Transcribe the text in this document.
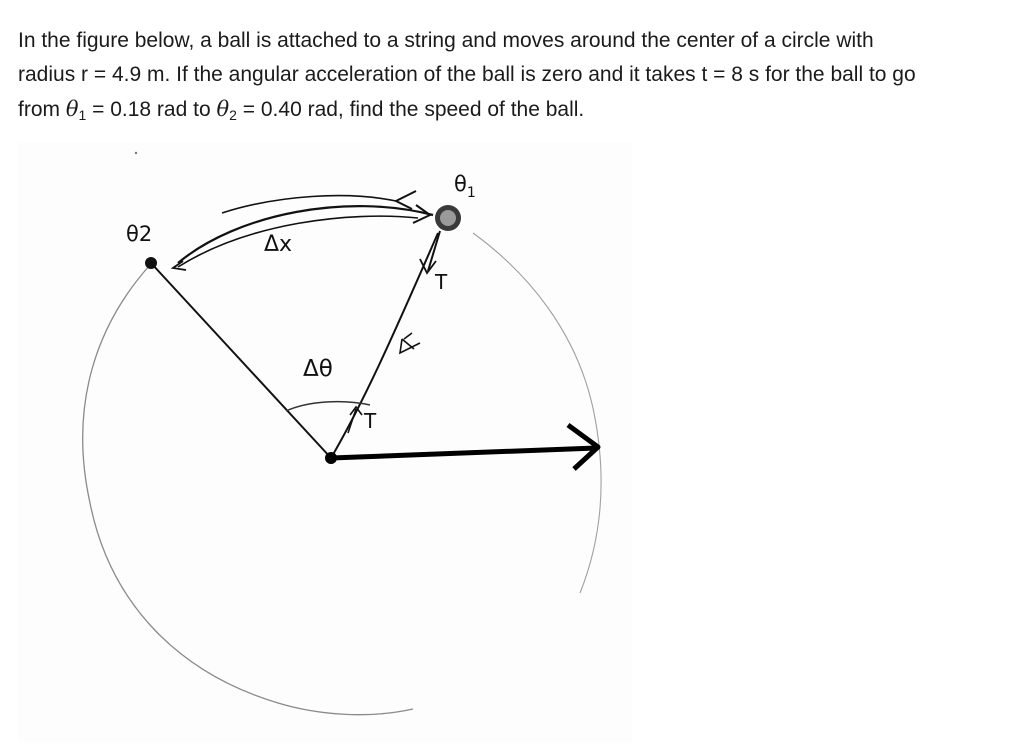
In the figure below, a ball is attached to a string and moves around the center of a circle with
radius r = 4.9 m. If the angular acceleration of the ball is zero and it takes t = 8 s for the ball to go
from $\theta_1 = 0.18$ rad to $\theta_2 = 0.40$ rad, find the speed of the ball.
$\theta_1$
θ2	Δx
Δθ
T
T
